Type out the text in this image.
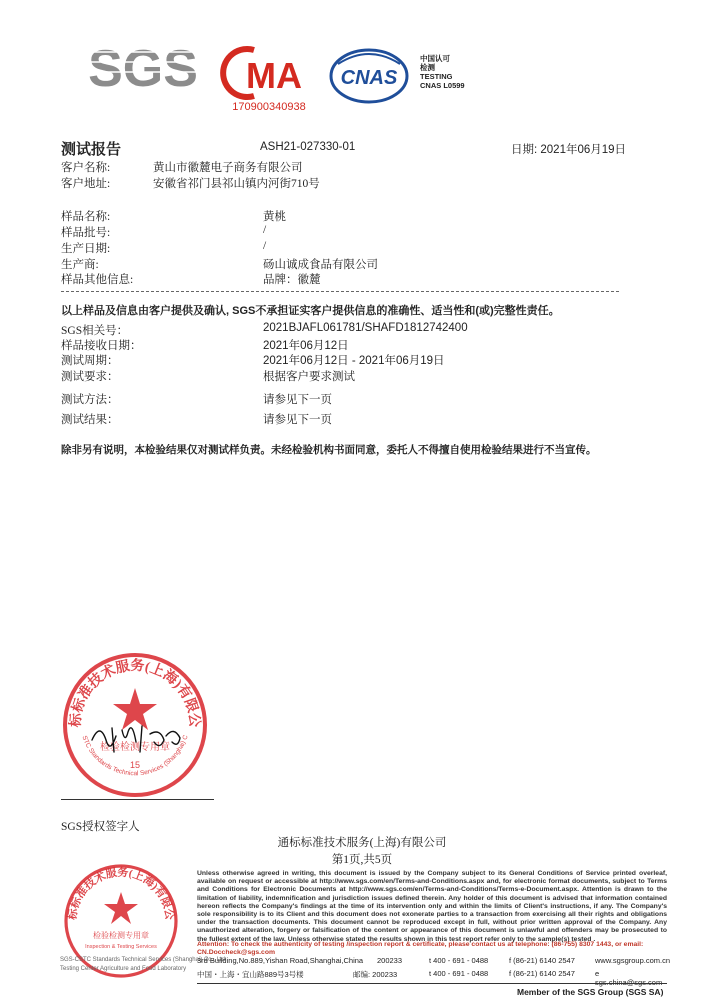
SGS MA
170900340938
CNAS
中国认可
检测
TESTING
CNAS L0599
测试报告	ASH21-027330-01	日期: 2021年06月19日
客户名称:	黄山市徽麓电子商务有限公司
客户地址:	安徽省祁门县祁山镇内河街710号
样品名称:	黄桃
样品批号:	/
生产日期:	/
生产商:	砀山诚成食品有限公司
样品其他信息:	品牌：徽麓
以上样品及信息由客户提供及确认, SGS不承担证实客户提供信息的准确性、适当性和(或)完整性责任。
SGS相关号：	2021BJAFL061781/SHAFD1812742400
样品接收日期：	2021年06月12日
测试周期：	2021年06月12日 - 2021年06月19日
测试要求：	根据客户要求测试
测试方法：	请参见下一页
测试结果：	请参见下一页
除非另有说明，本检验结果仅对测试样负责。未经检验机构书面同意，委托人不得擅自使用检验结果进行不当宣传。
标标准技术服务(上海)有限公
检验检测专用章
STC Standards Technical Services (Shanghai) C
15
SGS授权签字人
通标标准技术服务(上海)有限公司
第1页,共5页
标标准技术服务(上海)有限公
检验检测专用章
Inspection & Testing Services
SGS-CSTC Standards Technical Services (Shanghai) Co., Ltd.
Testing Center Agriculture and Food Laboratory
Unless otherwise agreed in writing, this document is issued by the Company subject to its General Conditions of Service printed overleaf, available on request or accessible at http://www.sgs.com/en/Terms-and-Conditions.aspx and, for electronic format documents, subject to Terms and Conditions for Electronic Documents at http://www.sgs.com/en/Terms-and-Conditions/Terms-e-Document.aspx. Attention is drawn to the limitation of liability, indemnification and jurisdiction issues defined therein. Any holder of this document is advised that information contained hereon reflects the Company's findings at the time of its intervention only and within the limits of Client's instructions, if any. The Company's sole responsibility is to its Client and this document does not exonerate parties to a transaction from exercising all their rights and obligations under the transaction documents. This document cannot be reproduced except in full, without prior written approval of the Company. Any unauthorized alteration, forgery or falsification of the content or appearance of this document is unlawful and offenders may be prosecuted to the fullest extent of the law. Unless otherwise stated the results shown in this test report refer only to the sample(s) tested .
Attention: To check the authenticity of testing /inspection report & certificate, please contact us at telephone: (86-755) 8307 1443, or email: CN.Doccheck@sgs.com
3rd Building,No.889,Yishan Road,Shanghai,China 200233	t 400 - 691 - 0488	f (86-21) 6140 2547	www.sgsgroup.com.cn
中国・上海・宜山路889号3号楼	邮编: 200233	t 400 - 691 - 0488	f (86-21) 6140 2547	e sgs.china@sgs.com
Member of the SGS Group (SGS SA)
